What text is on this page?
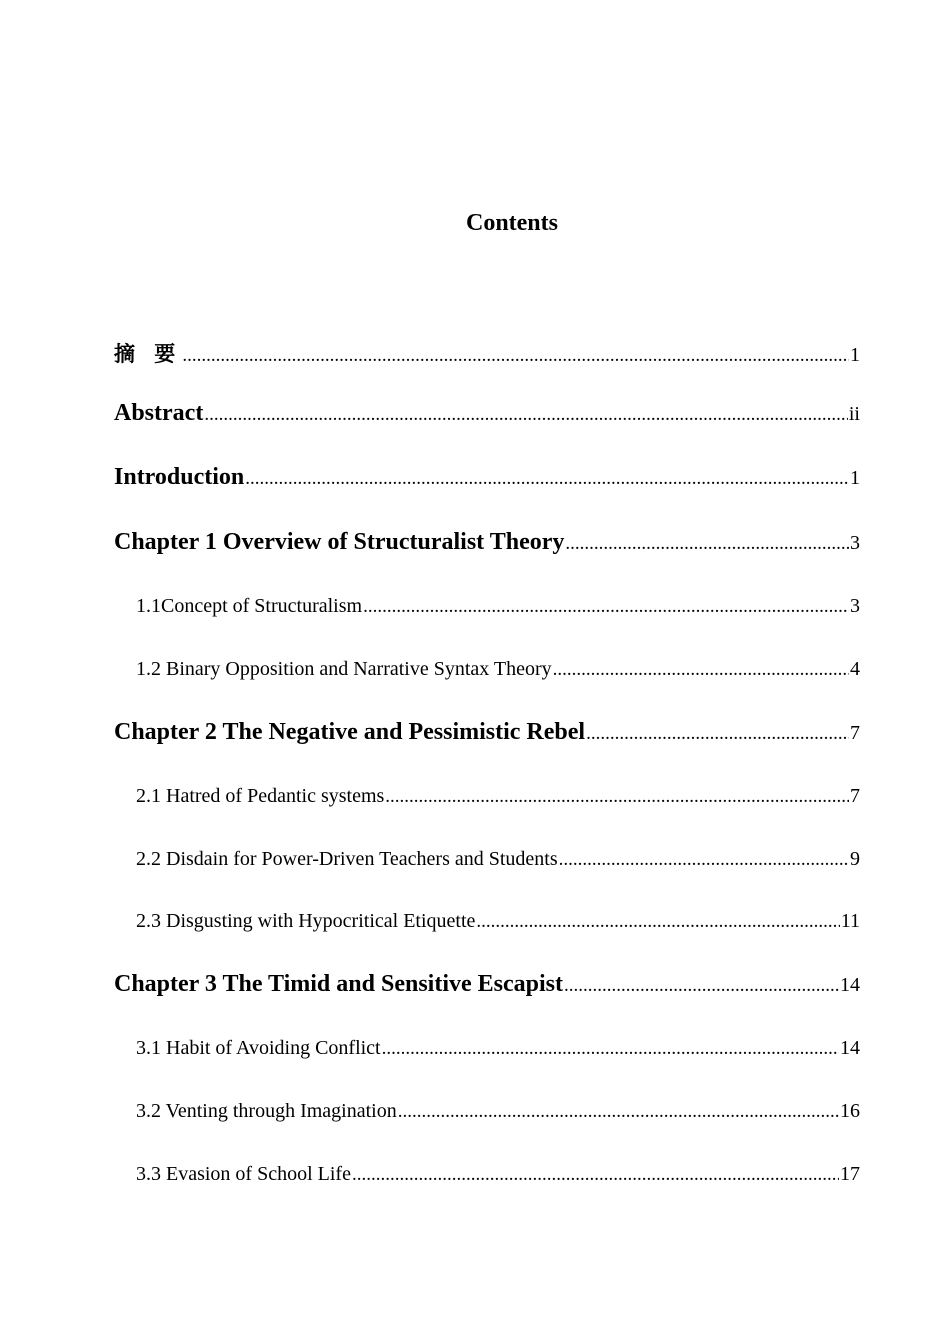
Contents
摘 要 .....	1
Abstract .....	ii
Introduction .....	1
Chapter 1 Overview of Structuralist Theory .....	3
1.1Concept of Structuralism .....	3
1.2 Binary Opposition and Narrative Syntax Theory .....	4
Chapter 2 The Negative and Pessimistic Rebel .....	7
2.1 Hatred of Pedantic systems .....	7
2.2 Disdain for Power-Driven Teachers and Students .....	9
2.3 Disgusting with Hypocritical Etiquette .....	11
Chapter 3 The Timid and Sensitive Escapist .....	14
3.1 Habit of Avoiding Conflict .....	14
3.2 Venting through Imagination .....	16
3.3 Evasion of School Life .....	17
